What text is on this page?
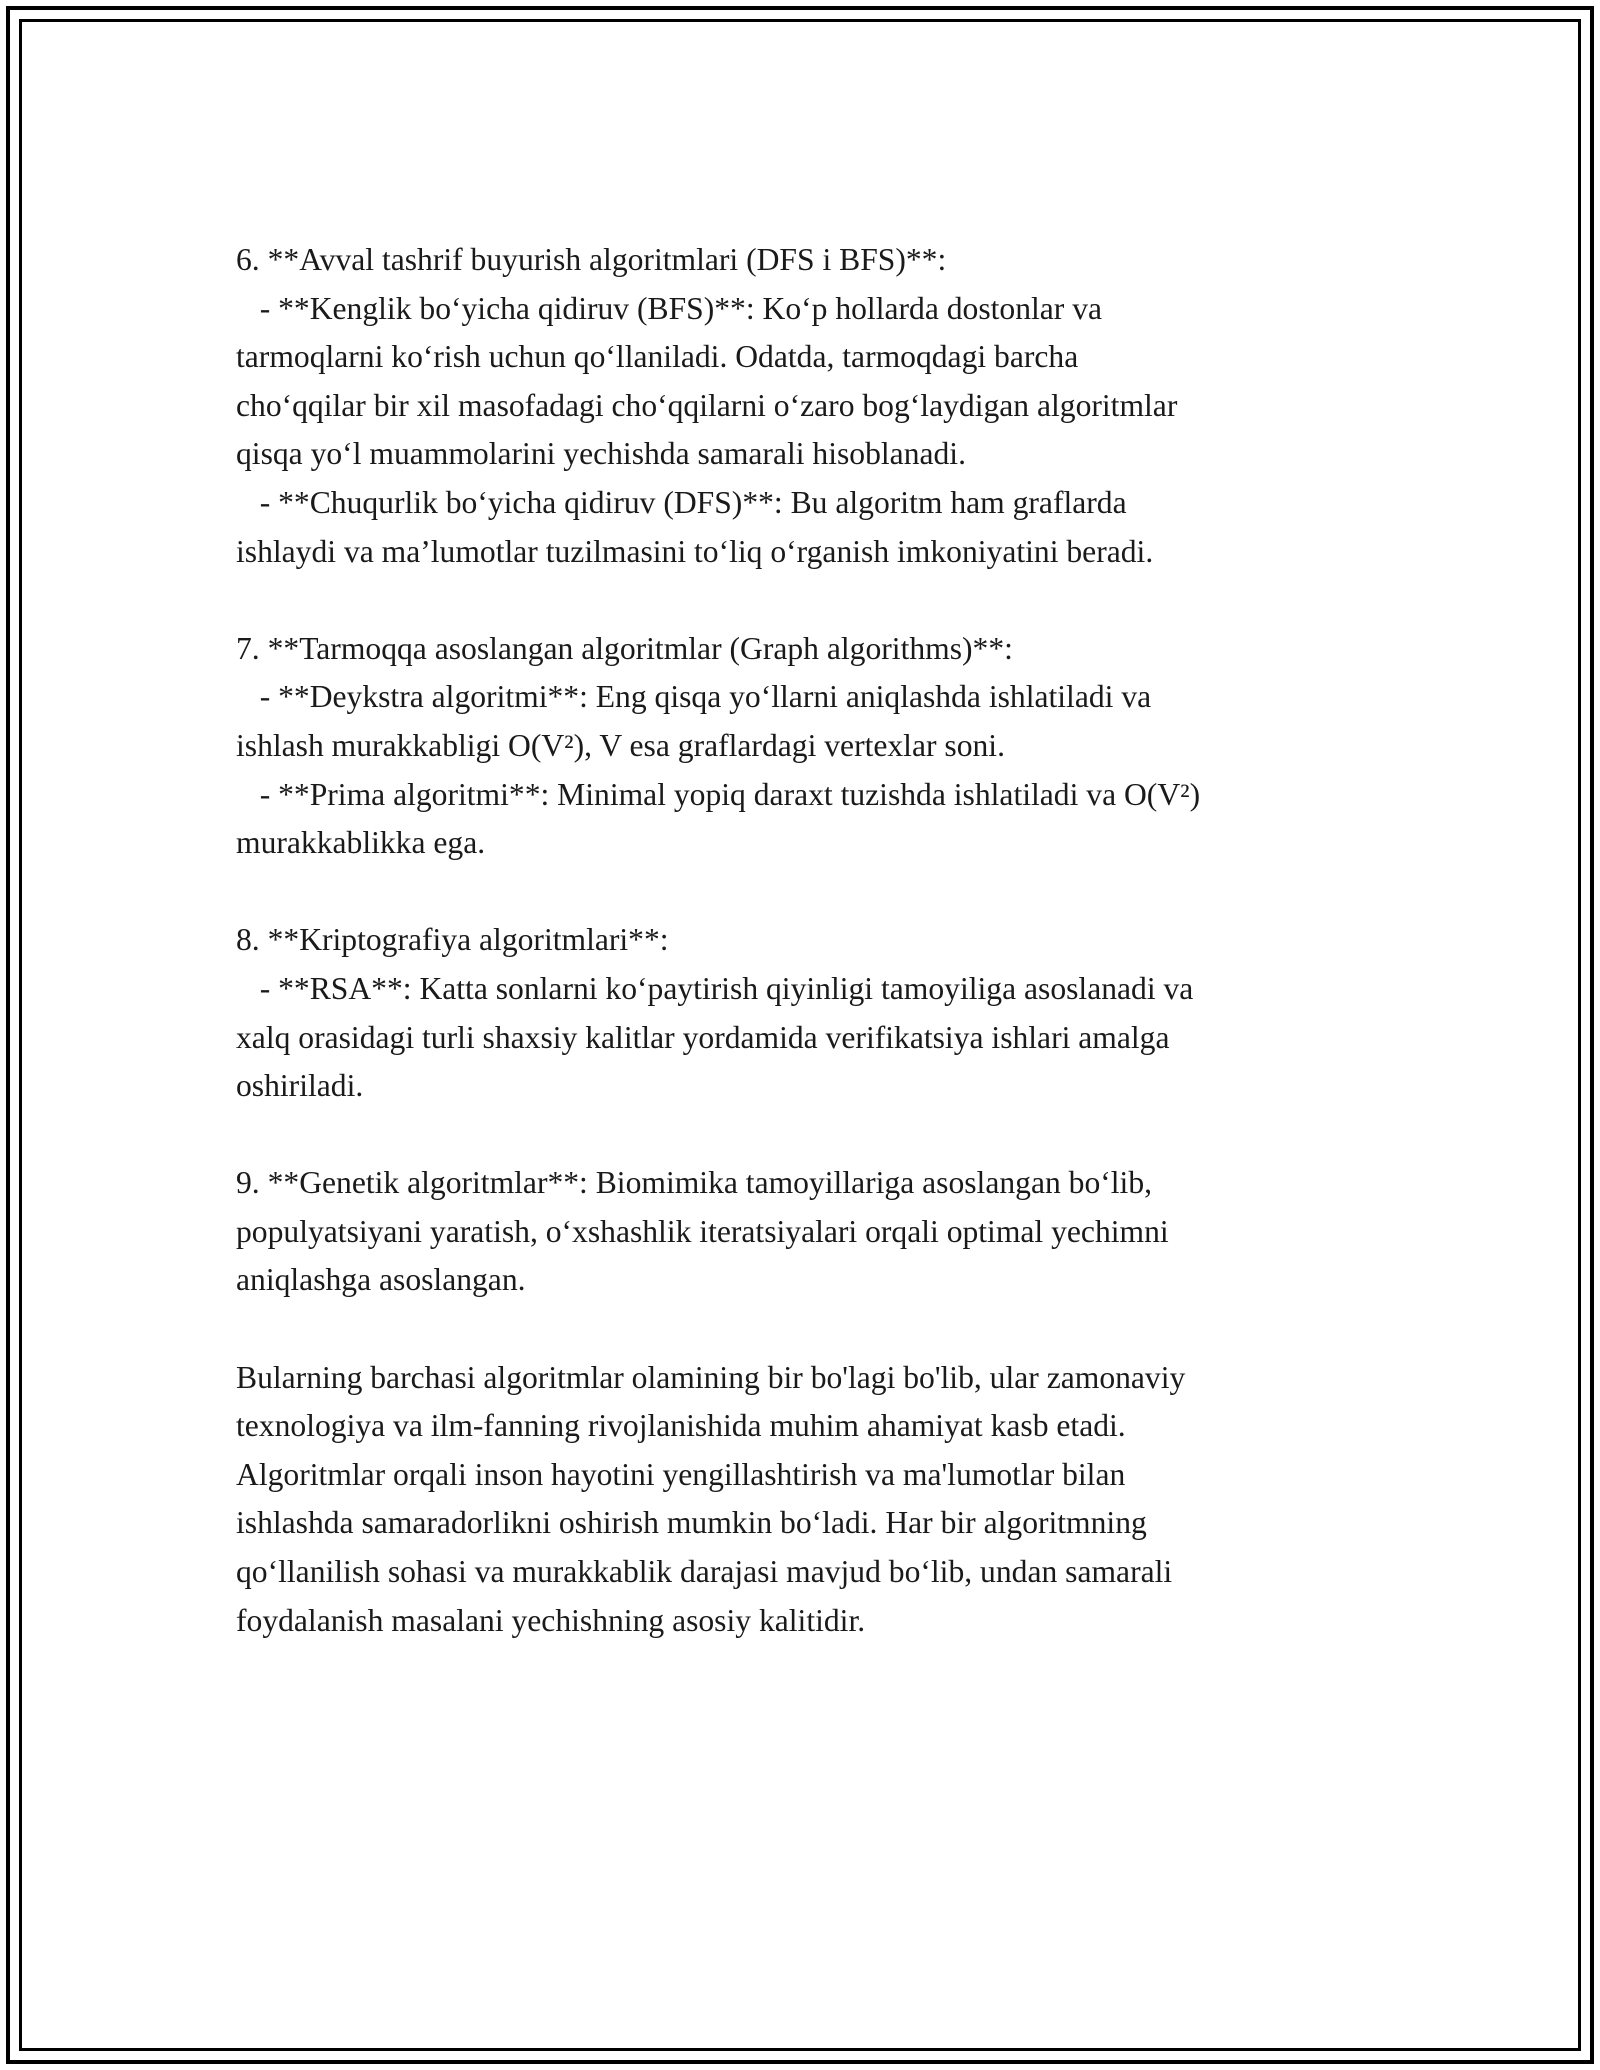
6. **Avval tashrif buyurish algoritmlari (DFS i BFS)**:
- **Kenglik bo‘yicha qidiruv (BFS)**: Ko‘p hollarda dostonlar va
tarmoqlarni ko‘rish uchun qo‘llaniladi. Odatda, tarmoqdagi barcha
cho‘qqilar bir xil masofadagi cho‘qqilarni o‘zaro bog‘laydigan algoritmlar
qisqa yo‘l muammolarini yechishda samarali hisoblanadi.
- **Chuqurlik bo‘yicha qidiruv (DFS)**: Bu algoritm ham graflarda
ishlaydi va ma’lumotlar tuzilmasini to‘liq o‘rganish imkoniyatini beradi.
7. **Tarmoqqa asoslangan algoritmlar (Graph algorithms)**:
- **Deykstra algoritmi**: Eng qisqa yo‘llarni aniqlashda ishlatiladi va
ishlash murakkabligi O(V²), V esa graflardagi vertexlar soni.
- **Prima algoritmi**: Minimal yopiq daraxt tuzishda ishlatiladi va O(V²)
murakkablikka ega.
8. **Kriptografiya algoritmlari**:
- **RSA**: Katta sonlarni ko‘paytirish qiyinligi tamoyiliga asoslanadi va
xalq orasidagi turli shaxsiy kalitlar yordamida verifikatsiya ishlari amalga
oshiriladi.
9. **Genetik algoritmlar**: Biomimika tamoyillariga asoslangan bo‘lib,
populyatsiyani yaratish, o‘xshashlik iteratsiyalari orqali optimal yechimni
aniqlashga asoslangan.
Bularning barchasi algoritmlar olamining bir bo'lagi bo'lib, ular zamonaviy
texnologiya va ilm-fanning rivojlanishida muhim ahamiyat kasb etadi.
Algoritmlar orqali inson hayotini yengillashtirish va ma'lumotlar bilan
ishlashda samaradorlikni oshirish mumkin bo‘ladi. Har bir algoritmning
qo‘llanilish sohasi va murakkablik darajasi mavjud bo‘lib, undan samarali
foydalanish masalani yechishning asosiy kalitidir.
